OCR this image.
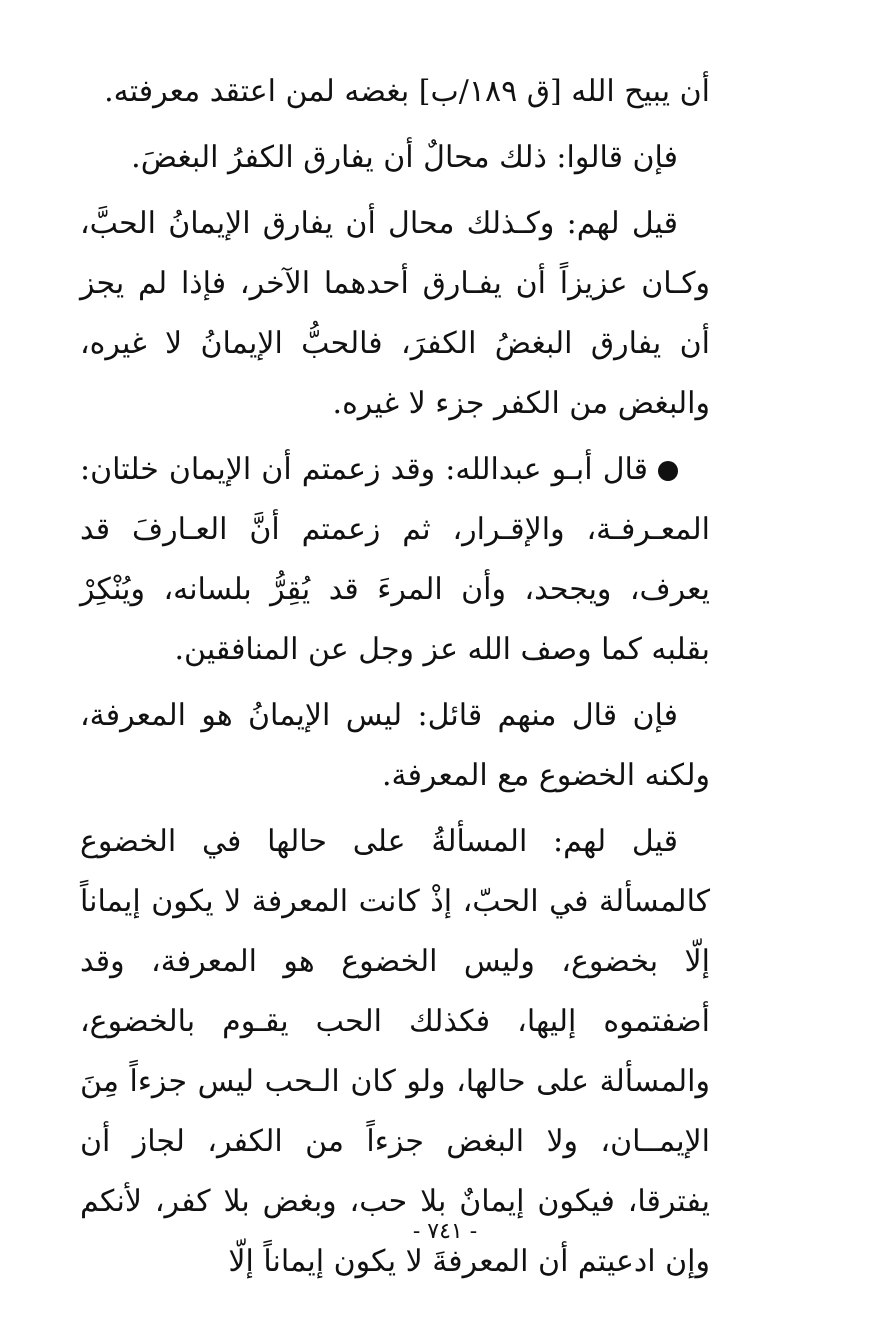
أن يبيح الله [ق ١٨٩/ب] بغضه لمن اعتقد معرفته.

فإن قالوا: ذلك محالٌ أن يفارق الكفرُ البغضَ.

قيل لهم: وكـذلك محال أن يفارق الإيمانُ الحبَّ، وكـان عزيزاً أن يفـارق أحدهما الآخر، فإذا لم يجز أن يفارق البغضُ الكفرَ، فالحبُّ الإيمانُ لا غيره، والبغض من الكفر جزء لا غيره.

قال أبـو عبدالله: وقد زعمتم أن الإيمان خلتان: المعـرفـة، والإقـرار، ثم زعمتم أنَّ العـارفَ قد يعرف، ويجحد، وأن المرءَ قد يُقِرُّ بلسانه، ويُنْكِرْ بقلبه كما وصف الله عز وجل عن المنافقين.

فإن قال منهم قائل: ليس الإيمانُ هو المعرفة، ولكنه الخضوع مع المعرفة.

قيل لهم: المسألةُ على حالها في الخضوع كالمسألة في الحبّ، إذْ كانت المعرفة لا يكون إيماناً إلّا بخضوع، وليس الخضوع هو المعرفة، وقد أضفتموه إليها، فكذلك الحب يقـوم بالخضوع، والمسألة على حالها، ولو كان الـحب ليس جزءاً مِنَ الإيمــان، ولا البغض جزءاً من الكفر، لجاز أن يفترقا، فيكون إيمانٌ بلا حب، وبغض بلا كفر، لأنكم وإن ادعيتم أن المعرفةَ لا يكون إيماناً إلّا

- ٧٤١ -
